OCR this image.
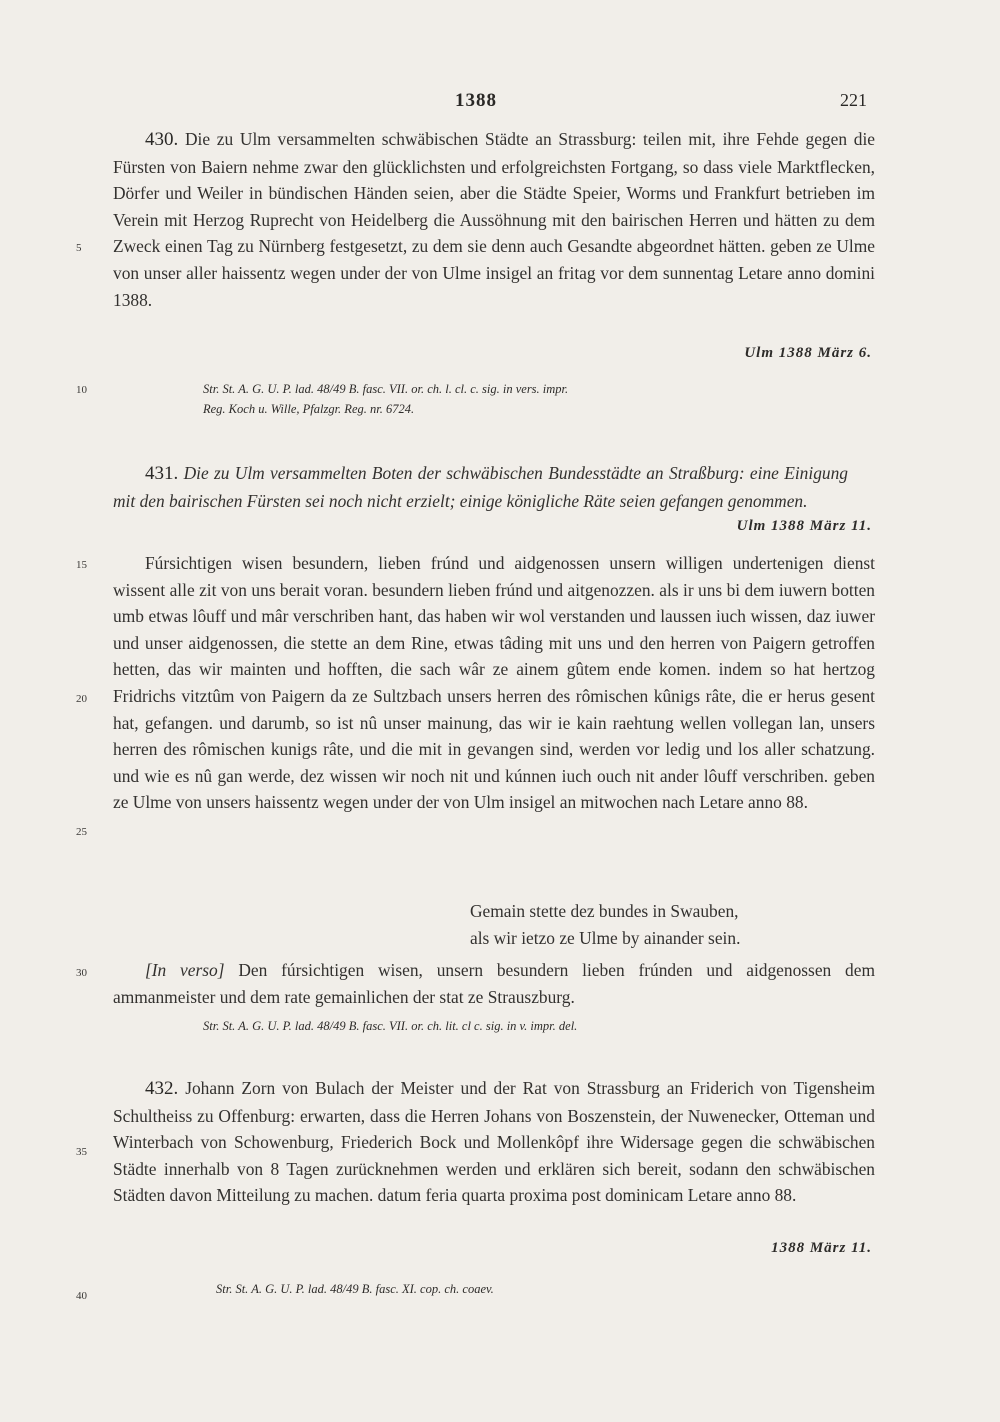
1388	221
5
10
15
20
25
30
35
40
430. Die zu Ulm versammelten schwäbischen Städte an Strassburg: teilen mit, ihre Fehde gegen die Fürsten von Baiern nehme zwar den glücklichsten und erfolgreichsten Fortgang, so dass viele Marktflecken, Dörfer und Weiler in bündischen Händen seien, aber die Städte Speier, Worms und Frankfurt betrieben im Verein mit Herzog Ruprecht von Heidelberg die Aussöhnung mit den bairischen Herren und hätten zu dem Zweck einen Tag zu Nürnberg festgesetzt, zu dem sie denn auch Gesandte abgeordnet hätten. geben ze Ulme von unser aller haissentz wegen under der von Ulme insigel an fritag vor dem sunnentag Letare anno domini 1388.
Ulm 1388 März 6.
Str. St. A. G. U. P. lad. 48/49 B. fasc. VII. or. ch. l. cl. c. sig. in vers. impr.
Reg. Koch u. Wille, Pfalzgr. Reg. nr. 6724.
431. Die zu Ulm versammelten Boten der schwäbischen Bundesstädte an Straßburg: eine Einigung mit den bairischen Fürsten sei noch nicht erzielt; einige königliche Räte seien gefangen genommen.
Ulm 1388 März 11.
Fúrsichtigen wisen besundern, lieben frúnd und aidgenossen unsern willigen undertenigen dienst wissent alle zit von uns berait voran. besundern lieben frúnd und aitgenozzen. als ir uns bi dem iuwern botten umb etwas lôuff und mâr verschriben hant, das haben wir wol verstanden und laussen iuch wissen, daz iuwer und unser aidgenossen, die stette an dem Rine, etwas tâding mit uns und den herren von Paigern getroffen hetten, das wir mainten und hofften, die sach wâr ze ainem gûtem ende komen. indem so hat hertzog Fridrichs vitztûm von Paigern da ze Sultzbach unsers herren des rômischen kûnigs râte, die er herus gesent hat, gefangen. und darumb, so ist nû unser mainung, das wir ie kain raehtung wellen vollegan lan, unsers herren des rômischen kunigs râte, und die mit in gevangen sind, werden vor ledig und los aller schatzung. und wie es nû gan werde, dez wissen wir noch nit und kúnnen iuch ouch nit ander lôuff verschriben. geben ze Ulme von unsers haissentz wegen under der von Ulm insigel an mitwochen nach Letare anno 88.
Gemain stette dez bundes in Swauben,
als wir ietzo ze Ulme by ainander sein.
[In verso] Den fúrsichtigen wisen, unsern besundern lieben frúnden und aidgenossen dem ammanmeister und dem rate gemainlichen der stat ze Strauszburg.
Str. St. A. G. U. P. lad. 48/49 B. fasc. VII. or. ch. lit. cl c. sig. in v. impr. del.
432. Johann Zorn von Bulach der Meister und der Rat von Strassburg an Friderich von Tigensheim Schultheiss zu Offenburg: erwarten, dass die Herren Johans von Boszenstein, der Nuwenecker, Otteman und Winterbach von Schowenburg, Friederich Bock und Mollenkôpf ihre Widersage gegen die schwäbischen Städte innerhalb von 8 Tagen zurücknehmen werden und erklären sich bereit, sodann den schwäbischen Städten davon Mitteilung zu machen. datum feria quarta proxima post dominicam Letare anno 88.
1388 März 11.
Str. St. A. G. U. P. lad. 48/49 B. fasc. XI. cop. ch. coaev.
